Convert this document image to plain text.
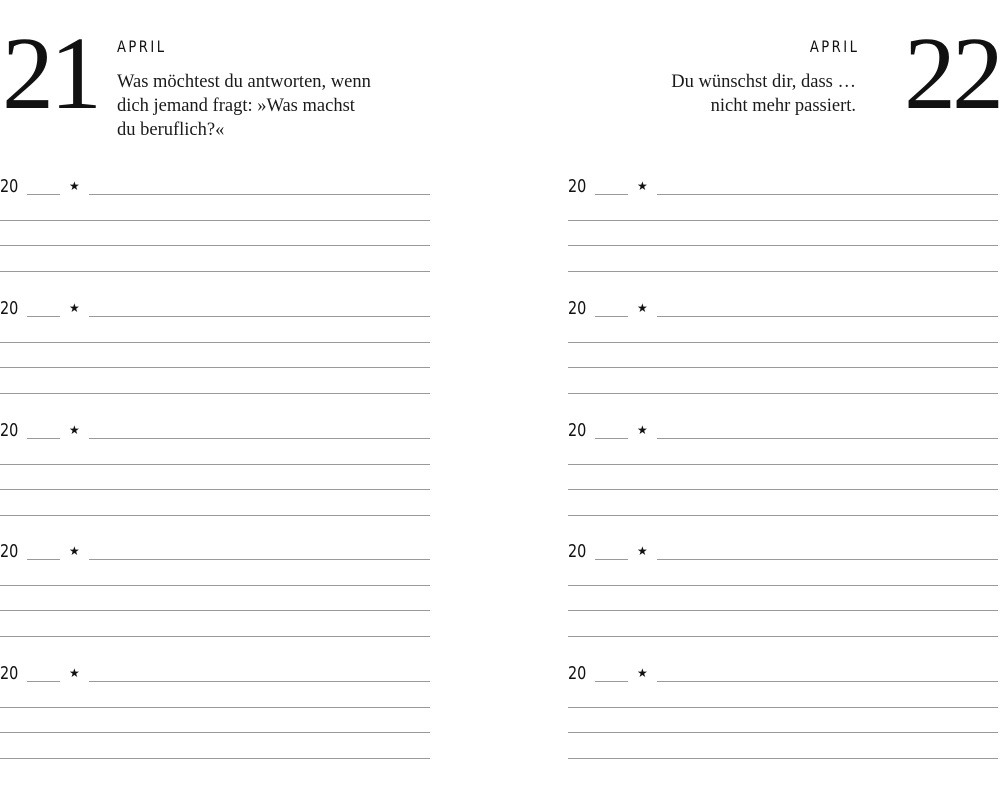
21 APRIL
Was möchtest du antworten, wenn
dich jemand fragt: »Was machst
du beruflich?«
20	★
20	★
20	★
20	★
20	★
22
APRIL
Du wünschst dir, dass …
nicht mehr passiert.
20	★
20	★
20	★
20	★
20	★
